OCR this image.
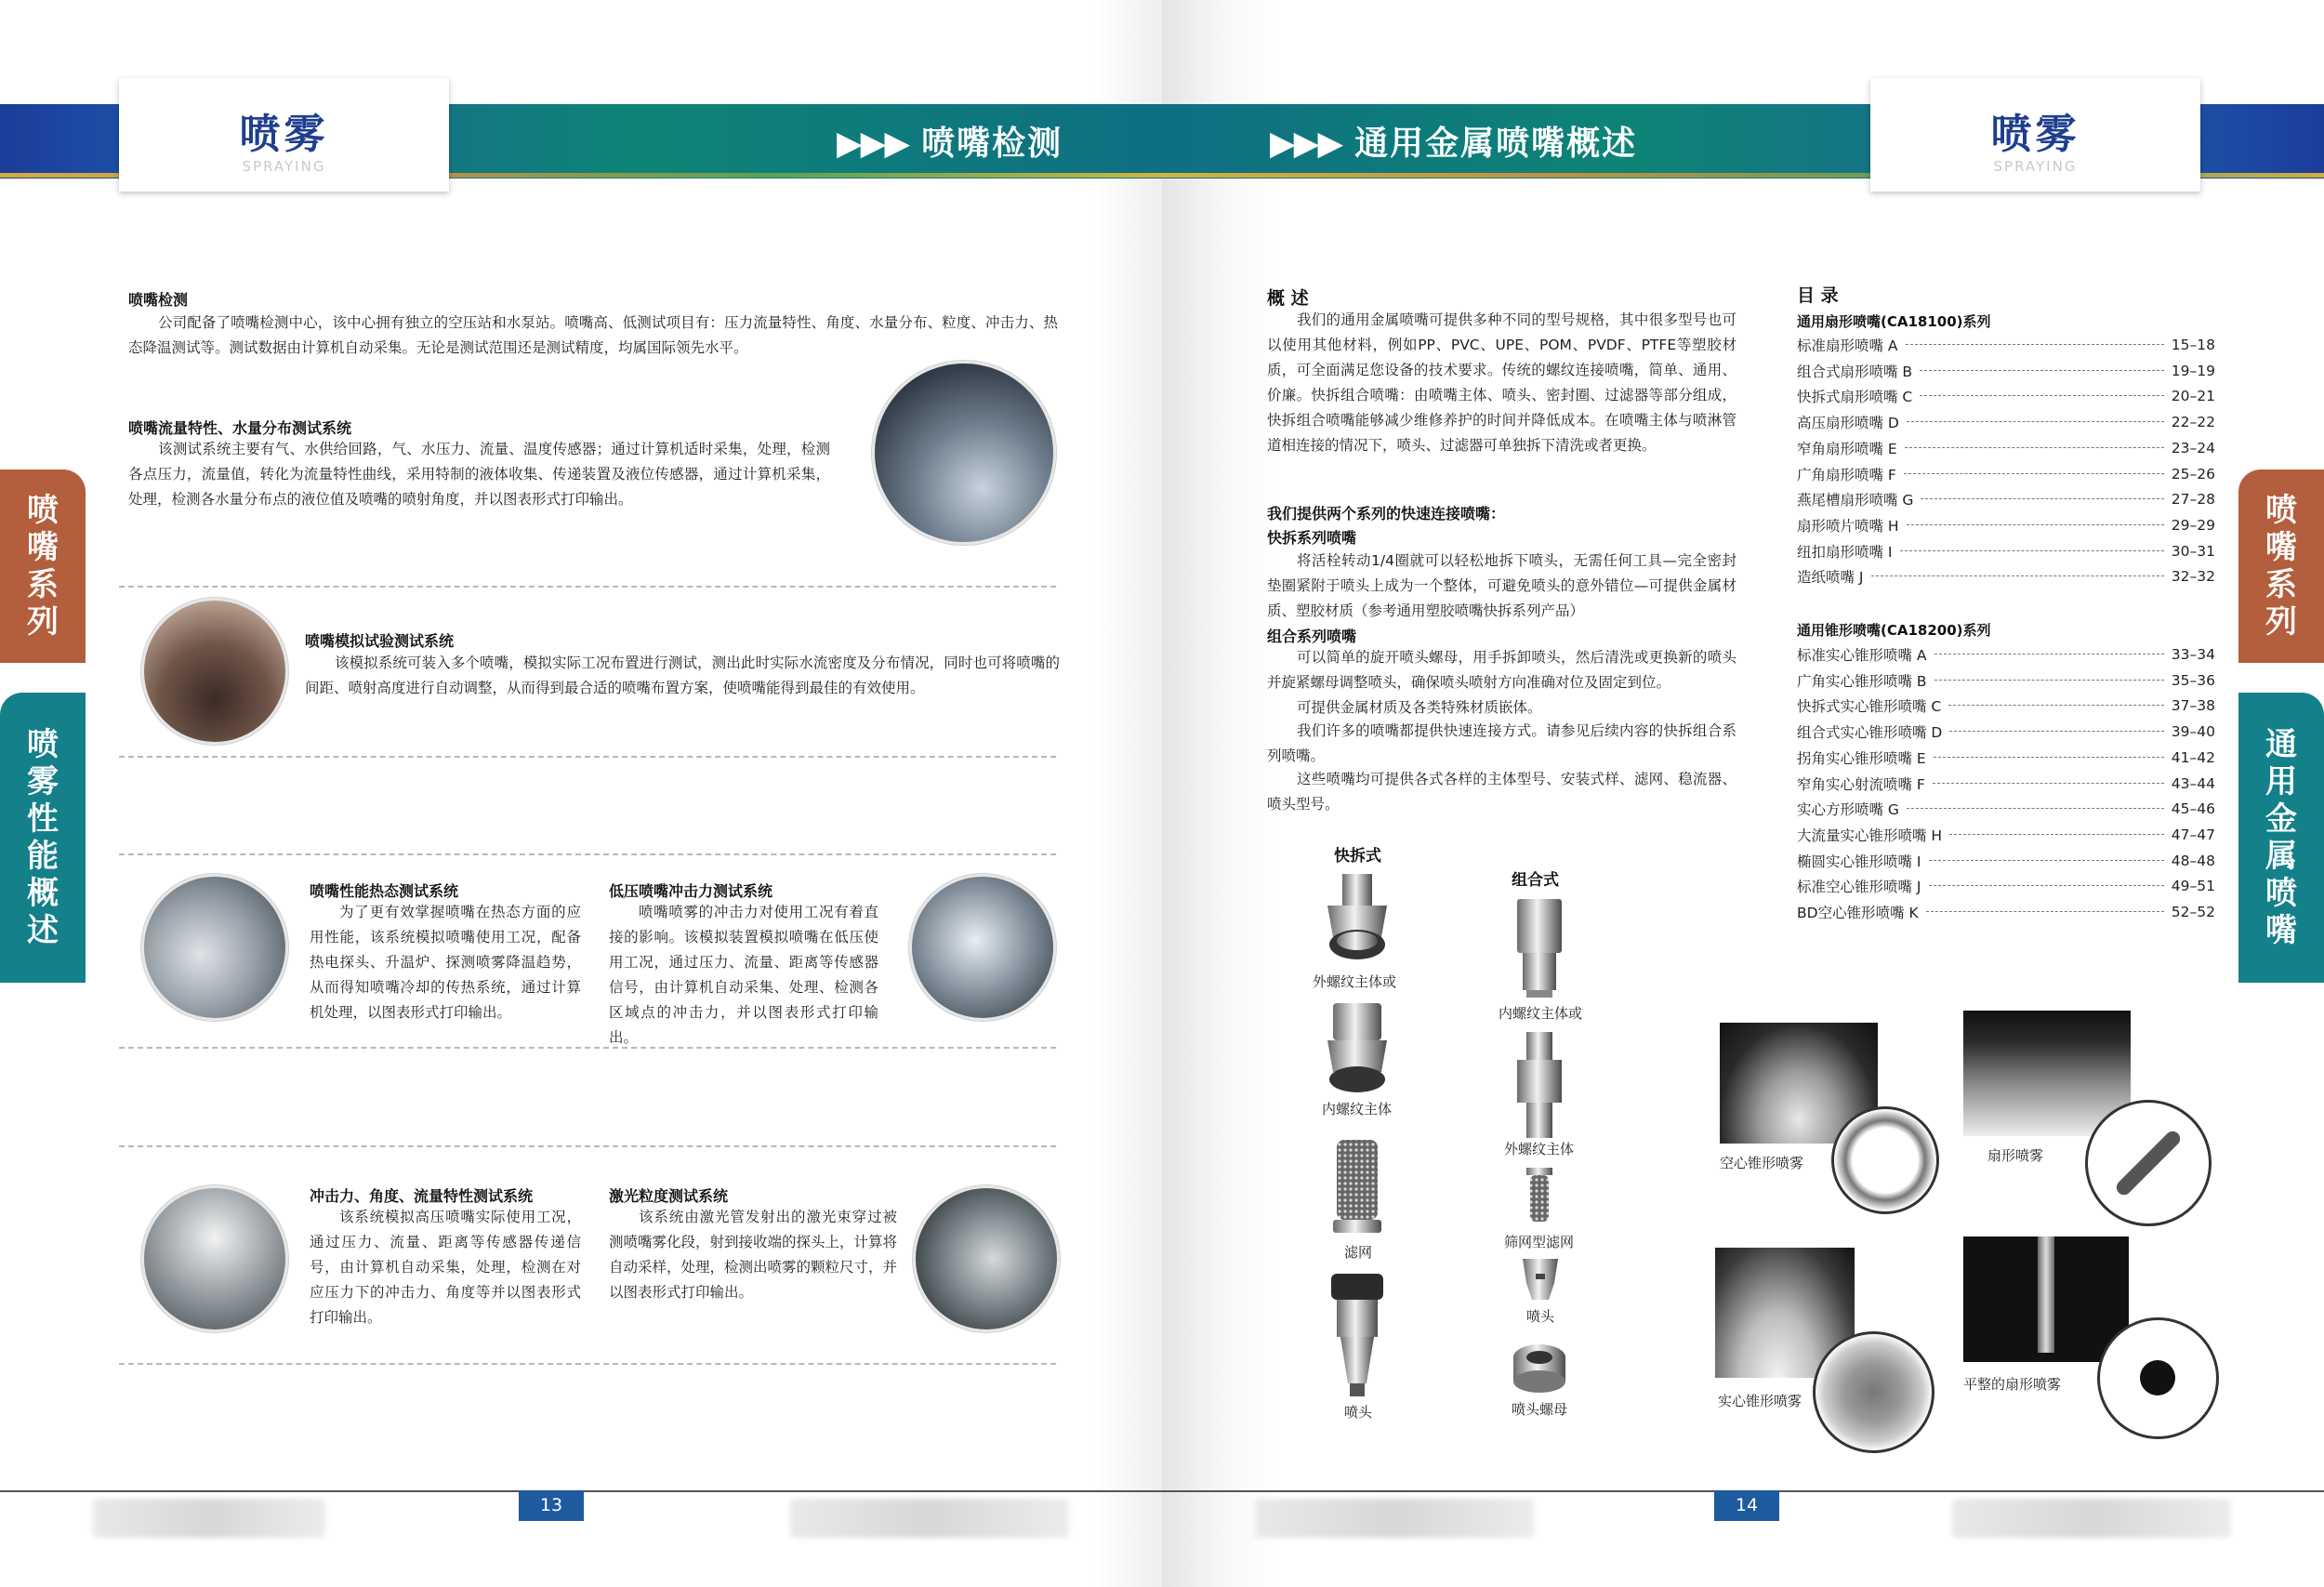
喷雾
SPRAYING
▶▶▶ 喷嘴检测
喷
嘴
系
列
喷
雾
性
能
概
述
喷嘴检测
公司配备了喷嘴检测中心，该中心拥有独立的空压站和水泵站。喷嘴高、低测试项目有：压力流量特性、角度、水量分布、粒度、冲击力、热态降温测试等。测试数据由计算机自动采集。无论是测试范围还是测试精度，均属国际领先水平。
喷嘴流量特性、水量分布测试系统
该测试系统主要有气、水供给回路，气、水压力、流量、温度传感器；通过计算机适时采集，处理，检测各点压力，流量值，转化为流量特性曲线，采用特制的液体收集、传递装置及液位传感器，通过计算机采集，处理，检测各水量分布点的液位值及喷嘴的喷射角度，并以图表形式打印输出。
喷嘴模拟试验测试系统
该模拟系统可装入多个喷嘴，模拟实际工况布置进行测试，测出此时实际水流密度及分布情况，同时也可将喷嘴的间距、喷射高度进行自动调整，从而得到最合适的喷嘴布置方案，使喷嘴能得到最佳的有效使用。
喷嘴性能热态测试系统
为了更有效掌握喷嘴在热态方面的应用性能，该系统模拟喷嘴使用工况，配备热电探头、升温炉、探测喷雾降温趋势，从而得知喷嘴冷却的传热系统，通过计算机处理，以图表形式打印输出。
低压喷嘴冲击力测试系统
喷嘴喷雾的冲击力对使用工况有着直接的影响。该模拟装置模拟喷嘴在低压使用工况，通过压力、流量、距离等传感器信号，由计算机自动采集、处理、检测各区域点的冲击力，并以图表形式打印输出。
冲击力、角度、流量特性测试系统
该系统模拟高压喷嘴实际使用工况，通过压力、流量、距离等传感器传递信号，由计算机自动采集，处理，检测在对应压力下的冲击力、角度等并以图表形式打印输出。
激光粒度测试系统
该系统由激光管发射出的激光束穿过被测喷嘴雾化段，射到接收端的探头上，计算将自动采样，处理，检测出喷雾的颗粒尺寸，并以图表形式打印输出。
13
喷雾
SPRAYING
▶▶▶ 通用金属喷嘴概述
喷
嘴
系
列
通
用
金
属
喷
嘴
概 述
我们的通用金属喷嘴可提供多种不同的型号规格，其中很多型号也可以使用其他材料，例如PP、PVC、UPE、POM、PVDF、PTFE等塑胶材质，可全面满足您设备的技术要求。传统的螺纹连接喷嘴，简单、通用、价廉。快拆组合喷嘴：由喷嘴主体、喷头、密封圈、过滤器等部分组成，快拆组合喷嘴能够减少维修养护的时间并降低成本。在喷嘴主体与喷淋管道相连接的情况下，喷头、过滤器可单独拆下清洗或者更换。
我们提供两个系列的快速连接喷嘴：
快拆系列喷嘴
将活栓转动1/4圈就可以轻松地拆下喷头，无需任何工具—完全密封垫圈紧附于喷头上成为一个整体，可避免喷头的意外错位—可提供金属材质、塑胶材质（参考通用塑胶喷嘴快拆系列产品）
组合系列喷嘴
可以简单的旋开喷头螺母，用手拆卸喷头，然后清洗或更换新的喷头并旋紧螺母调整喷头，确保喷头喷射方向准确对位及固定到位。
可提供金属材质及各类特殊材质嵌体。
我们许多的喷嘴都提供快速连接方式。请参见后续内容的快拆组合系列喷嘴。
这些喷嘴均可提供各式各样的主体型号、安装式样、滤网、稳流器、喷头型号。
快拆式
组合式
外螺纹主体或
内螺纹主体
滤网
喷头
内螺纹主体或
外螺纹主体
筛网型滤网
喷头
喷头螺母
目 录
通用扇形喷嘴(CA18100)系列
标准扇形喷嘴 A	15–18
组合式扇形喷嘴 B	19–19
快拆式扇形喷嘴 C	20–21
高压扇形喷嘴 D	22–22
窄角扇形喷嘴 E	23–24
广角扇形喷嘴 F	25–26
燕尾槽扇形喷嘴 G	27–28
扇形喷片喷嘴 H	29–29
纽扣扇形喷嘴 I	30–31
造纸喷嘴 J	32–32
通用锥形喷嘴(CA18200)系列
标准实心锥形喷嘴 A	33–34
广角实心锥形喷嘴 B	35–36
快拆式实心锥形喷嘴 C	37–38
组合式实心锥形喷嘴 D	39–40
拐角实心锥形喷嘴 E	41–42
窄角实心射流喷嘴 F	43–44
实心方形喷嘴 G	45–46
大流量实心锥形喷嘴 H	47–47
椭圆实心锥形喷嘴 I	48–48
标准空心锥形喷嘴 J	49–51
BD空心锥形喷嘴 K	52–52
空心锥形喷雾	扇形喷雾
实心锥形喷雾
平整的扇形喷雾
14
